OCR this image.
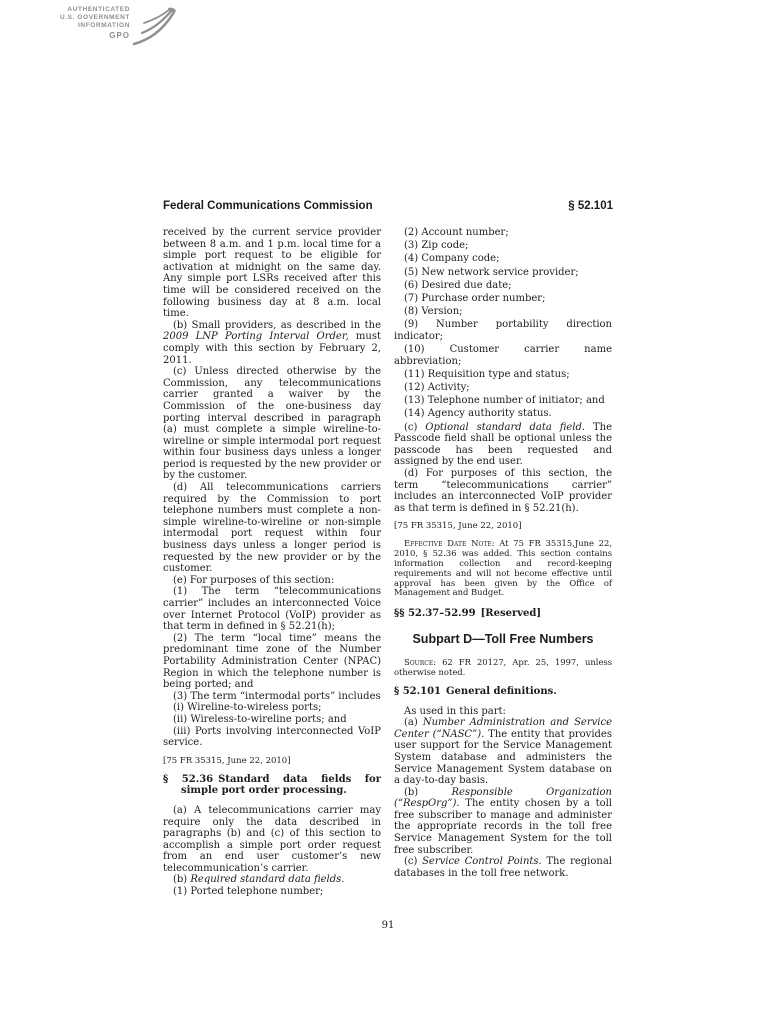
AUTHENTICATED
U.S. GOVERNMENT
INFORMATION
GPO
Federal Communications Commission	§ 52.101
received by the current service provider between 8 a.m. and 1 p.m. local time for a simple port request to be eligible for activation at midnight on the same day. Any simple port LSRs received after this time will be considered received on the following business day at 8 a.m. local time.
(b) Small providers, as described in the 2009 LNP Porting Interval Order, must comply with this section by February 2, 2011.
(c) Unless directed otherwise by the Commission, any telecommunications carrier granted a waiver by the Commission of the one-business day porting interval described in paragraph (a) must complete a simple wireline-to-wireline or simple intermodal port request within four business days unless a longer period is requested by the new provider or by the customer.
(d) All telecommunications carriers required by the Commission to port telephone numbers must complete a non-simple wireline-to-wireline or non-simple intermodal port request within four business days unless a longer period is requested by the new provider or by the customer.
(e) For purposes of this section:
(1) The term “telecommunications carrier” includes an interconnected Voice over Internet Protocol (VoIP) provider as that term in defined in § 52.21(h);
(2) The term “local time” means the predominant time zone of the Number Portability Administration Center (NPAC) Region in which the telephone number is being ported; and
(3) The term “intermodal ports” includes
(i) Wireline-to-wireless ports;
(ii) Wireless-to-wireline ports; and
(iii) Ports involving interconnected VoIP service.
[75 FR 35315, June 22, 2010]
§ 52.36 Standard data fields for simple port order processing.
(a) A telecommunications carrier may require only the data described in paragraphs (b) and (c) of this section to accomplish a simple port order request from an end user customer’s new telecommunication’s carrier.
(b) Required standard data fields.
(1) Ported telephone number;
(2) Account number;
(3) Zip code;
(4) Company code;
(5) New network service provider;
(6) Desired due date;
(7) Purchase order number;
(8) Version;
(9) Number portability direction indicator;
(10) Customer carrier name abbreviation;
(11) Requisition type and status;
(12) Activity;
(13) Telephone number of initiator; and
(14) Agency authority status.
(c) Optional standard data field. The Passcode field shall be optional unless the passcode has been requested and assigned by the end user.
(d) For purposes of this section, the term “telecommunications carrier” includes an interconnected VoIP provider as that term is defined in § 52.21(h).
[75 FR 35315, June 22, 2010]
Effective Date Note: At 75 FR 35315,June 22, 2010, § 52.36 was added. This section contains information collection and record-keeping requirements and will not become effective until approval has been given by the Office of Management and Budget.
§§ 52.37–52.99 [Reserved]
Subpart D—Toll Free Numbers
Source: 62 FR 20127, Apr. 25, 1997, unless otherwise noted.
§ 52.101 General definitions.
As used in this part:
(a) Number Administration and Service Center (“NASC”). The entity that provides user support for the Service Management System database and administers the Service Management System database on a day-to-day basis.
(b) Responsible Organization (“RespOrg”). The entity chosen by a toll free subscriber to manage and administer the appropriate records in the toll free Service Management System for the toll free subscriber.
(c) Service Control Points. The regional databases in the toll free network.
91
